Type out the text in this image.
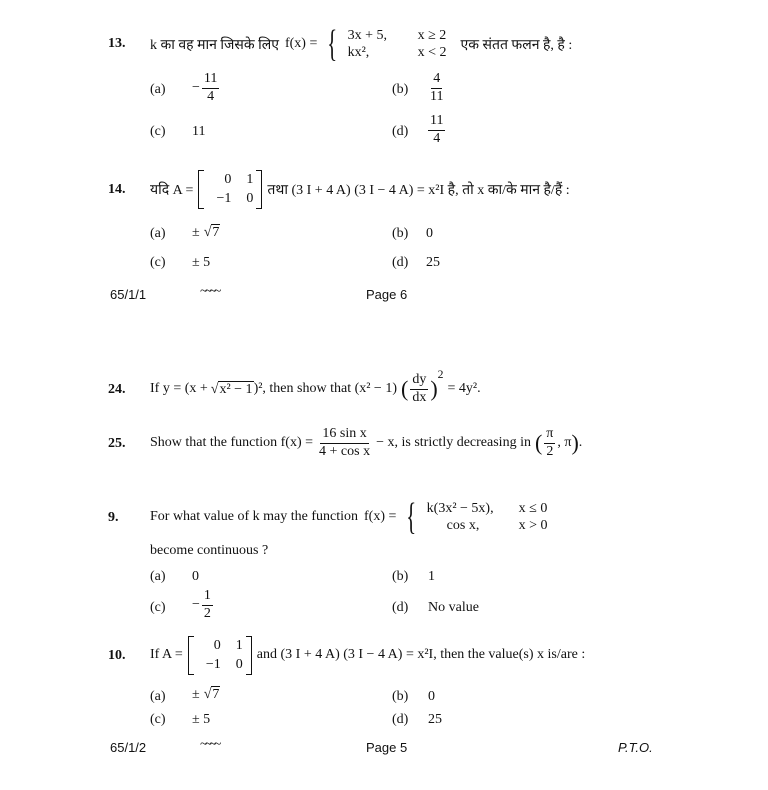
13. k का वह मान जिसके लिए f(x) = { 3x + 5,	x ≥ 2
kx²,	x < 2 एक संतत फलन है, है :
$(a) - \frac{11}{4}$	$(b) \frac{4}{11}$
(c) 11	$(d) \frac{11}{4}$
14. यदि A =
0	1
−1	0
तथा (3 I + 4 A) (3 I − 4 A) = x²I है, तो x का/के मान है/हैं :
(a) ± √ 7	(b) 0
(c) ± 5	(d) 25
65/1/1	~~~~	Page 6
24. If y = (x + √ x² − 1 )², then show that (x² − 1) ( $\frac{dy}{dx}$ )
$^2$
= 4y².
25. Show that the function $f(x) = \frac{\text{16 sin x}}{\text{4 + cos x}} - x$, is strictly decreasing in ( $\frac{\pi}{2}$ , π ) .
9. For what value of k may the function f(x) = { k(3x² − 5x),	x ≤ 0
cos x,	x > 0
become continuous ?
(a) 0	(b) 1
$(c) - \frac{1}{2}$	(d) No value
10. If A =
0	1
−1	0
and (3 I + 4 A) (3 I − 4 A) = x²I, then the value(s) x is/are :
(a) ± √ 7	(b) 0
(c) ± 5	(d) 25
65/1/2	~~~~	Page 5	P.T.O.
